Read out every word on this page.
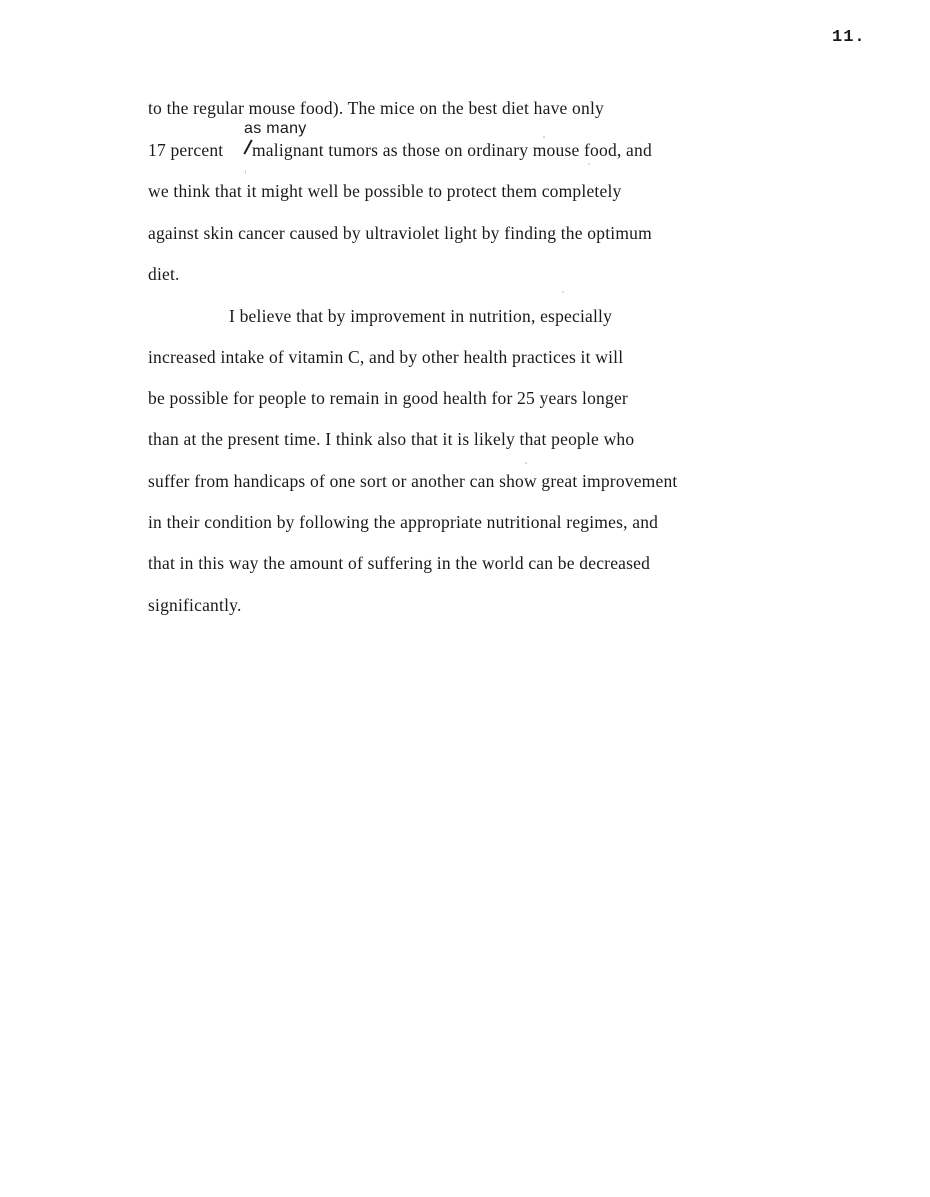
11.
to the regular mouse food). The mice on the best diet have only
as many
17 percent malignant tumors as those on ordinary mouse food, and
we think that it might well be possible to protect them completely
against skin cancer caused by ultraviolet light by finding the optimum
diet.
I believe that by improvement in nutrition, especially
increased intake of vitamin C, and by other health practices it will
be possible for people to remain in good health for 25 years longer
than at the present time. I think also that it is likely that people who
suffer from handicaps of one sort or another can show great improvement
in their condition by following the appropriate nutritional regimes, and
that in this way the amount of suffering in the world can be decreased
significantly.
